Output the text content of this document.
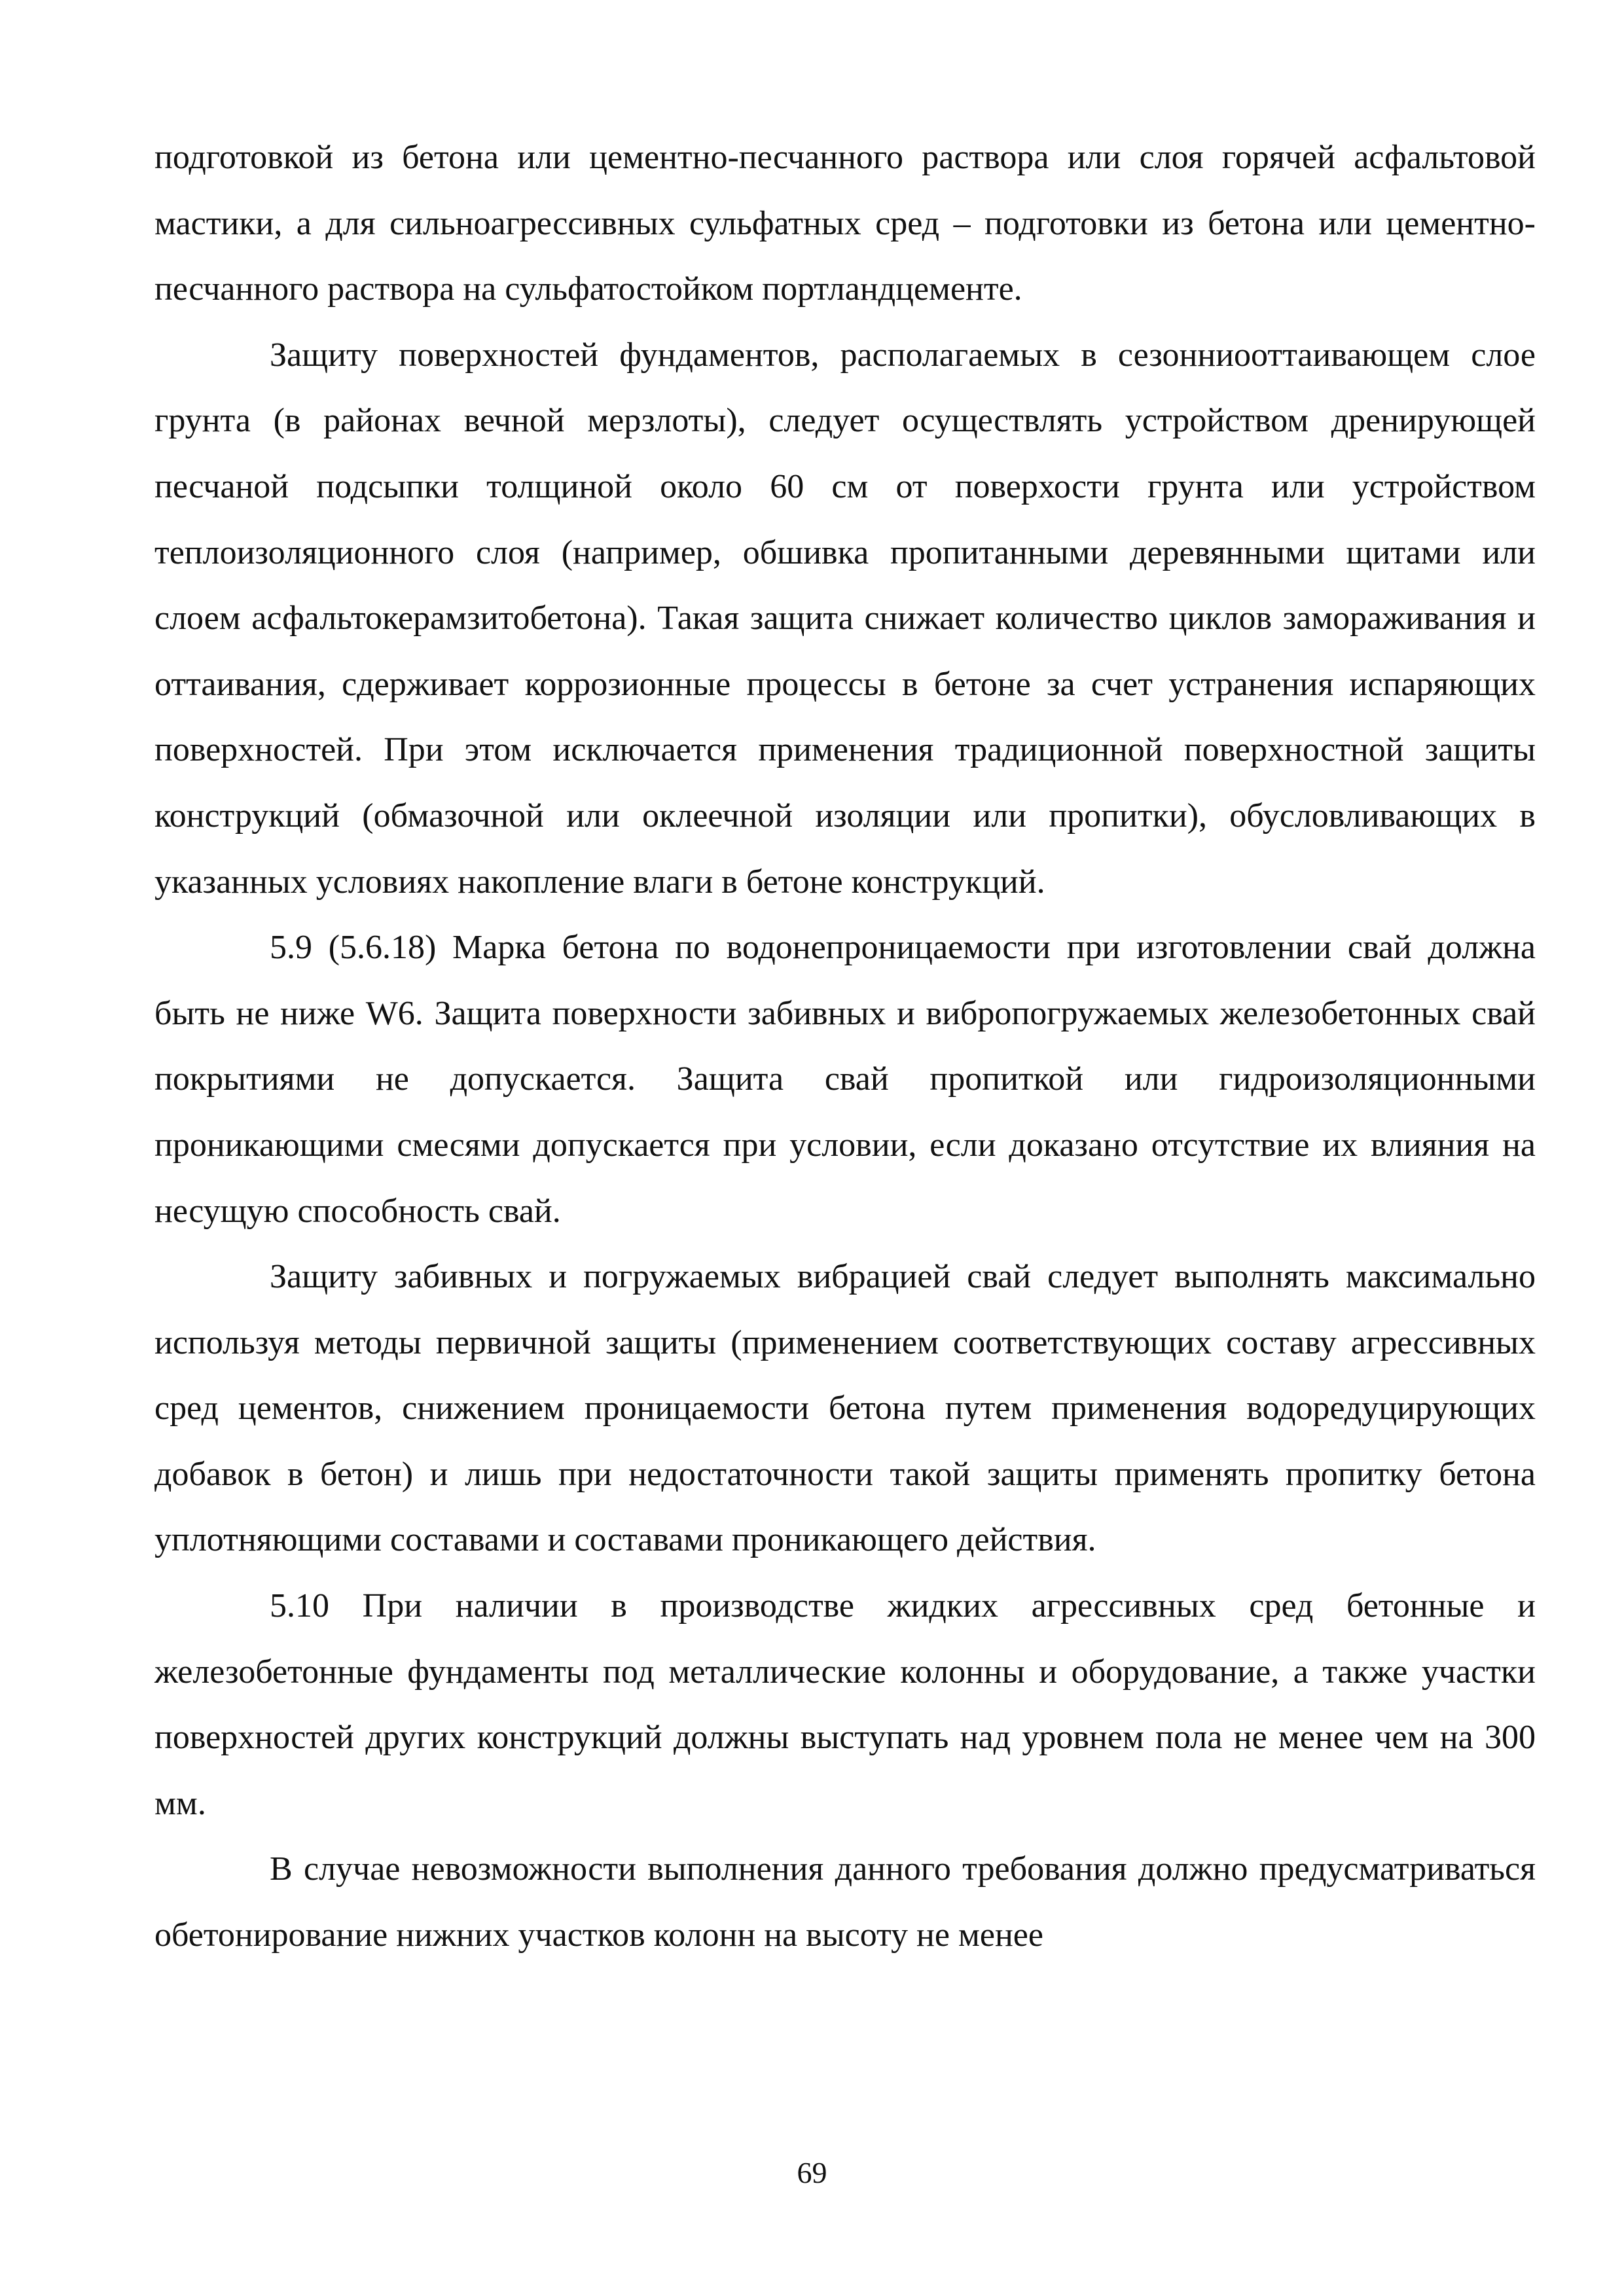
подготовкой из бетона или цементно-песчанного раствора или слоя горячей асфальтовой мастики, а для сильноагрессивных сульфатных сред – подготовки из бетона или цементно-песчанного раствора на сульфатостойком портландцементе.

Защиту поверхностей фундаментов, располагаемых в сезонниооттаивающем слое грунта (в районах вечной мерзлоты), следует осуществлять устройством дренирующей песчаной подсыпки толщиной около 60 см от поверхости грунта или устройством теплоизоляционного слоя (например, обшивка пропитанными деревянными щитами или слоем асфальтокерамзитобетона). Такая защита снижает количество циклов замораживания и оттаивания, сдерживает коррозионные процессы в бетоне за счет устранения испаряющих поверхностей. При этом исключается применения традиционной поверхностной защиты конструкций (обмазочной или оклеечной изоляции или пропитки), обусловливающих в указанных условиях накопление влаги в бетоне конструкций.

5.9 (5.6.18) Марка бетона по водонепроницаемости при изготовлении свай должна быть не ниже W6. Защита поверхности забивных и вибропогружаемых железобетонных свай покрытиями не допускается. Защита свай пропиткой или гидроизоляционными проникающими смесями допускается при условии, если доказано отсутствие их влияния на несущую способность свай.

Защиту забивных и погружаемых вибрацией свай следует выполнять максимально используя методы первичной защиты (применением соответствующих составу агрессивных сред цементов, снижением проницаемости бетона путем применения водоредуцирующих добавок в бетон) и лишь при недостаточности такой защиты применять пропитку бетона уплотняющими составами и составами проникающего действия.

5.10 При наличии в производстве жидких агрессивных сред бетонные и железобетонные фундаменты под металлические колонны и оборудование, а также участки поверхностей других конструкций должны выступать над уровнем пола не менее чем на 300 мм.

В случае невозможности выполнения данного требования должно предусматриваться обетонирование нижних участков колонн на высоту не менее

69
